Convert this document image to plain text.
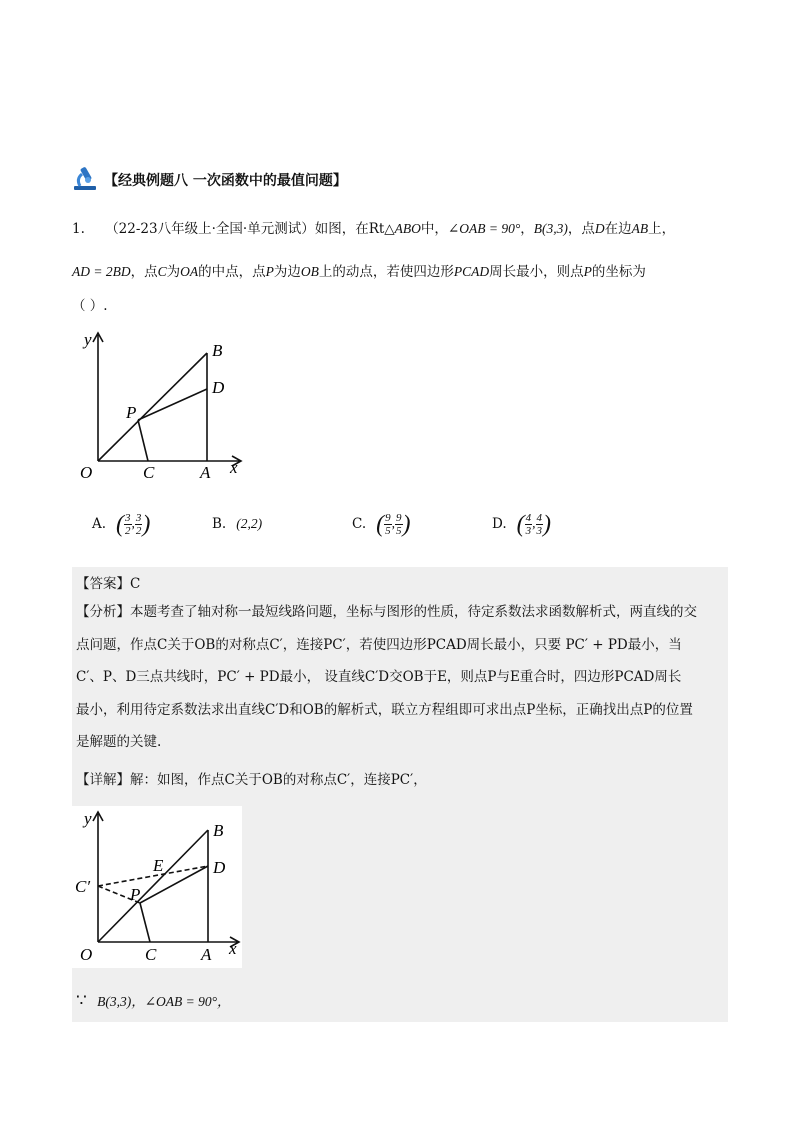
【经典例题八 一次函数中的最值问题】
1. （22-23八年级上·全国·单元测试）如图，在Rt△ABO中，∠OAB = 90°，B(3,3)，点D在边AB上，
AD = 2BD，点C为OA的中点，点P为边OB上的动点，若使四边形PCAD周长最小，则点P的坐标为
（ ）.
y
x
O	C	A
B
D
P
A. ( $\frac{3}{2}$ , $\frac{3}{2}$ )	B. (2,2)	C. ( $\frac{9}{5}$ , $\frac{9}{5}$ )	D. ( $\frac{4}{3}$ , $\frac{4}{3}$ )
【答案】C
【分析】本题考查了轴对称一最短线路问题，坐标与图形的性质，待定系数法求函数解析式，两直线的交
点问题，作点C关于OB的对称点C′，连接PC′，若使四边形PCAD周长最小，只要 PC′ + PD最小，当
C′、P、D三点共线时，PC′ + PD最小， 设直线C′D交OB于E，则点P与E重合时，四边形PCAD周长
最小，利用待定系数法求出直线C′D和OB的解析式，联立方程组即可求出点P坐标，正确找出点P的位置
是解题的关键.
【详解】解：如图，作点C关于OB的对称点C′，连接PC′，
y
x
O	C	A
B
D
P
E
C′
∵ B(3,3)，∠OAB = 90°，
